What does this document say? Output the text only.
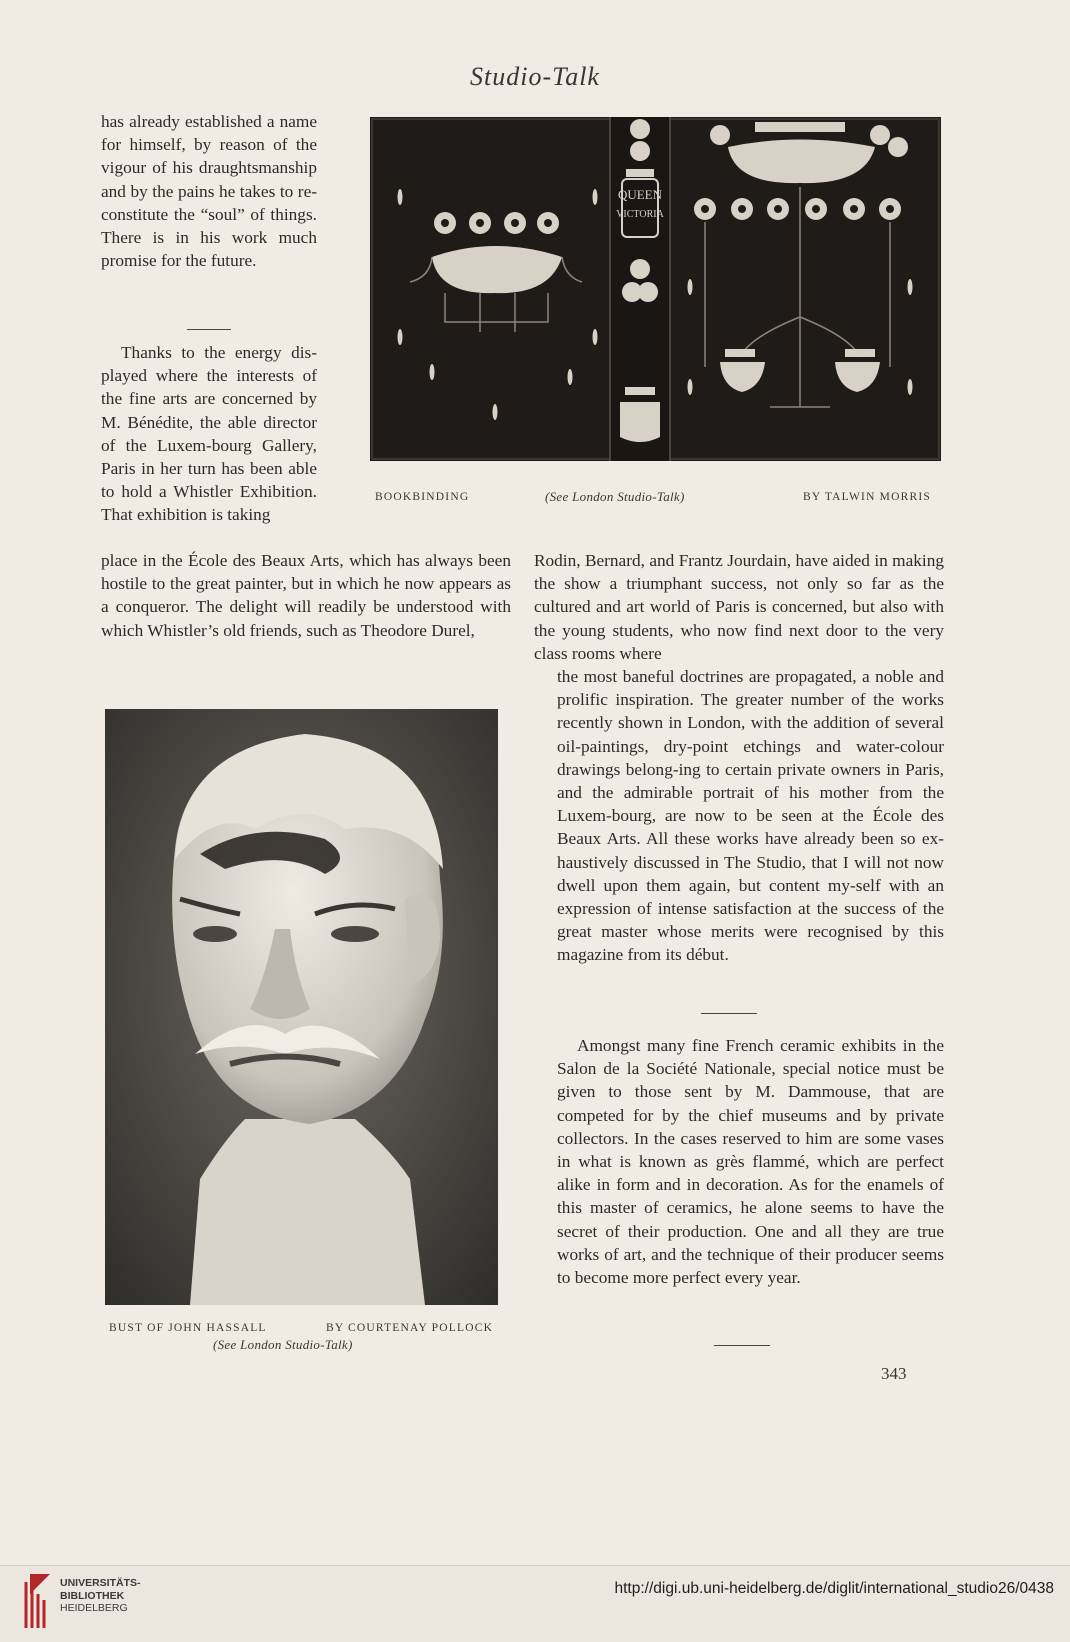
Studio-Talk

has already established a name for himself, by reason of the vigour of his draughtsmanship and by the pains he takes to re-constitute the “soul” of things. There is in his work much promise for the future.

Thanks to the energy dis-played where the interests of the fine arts are concerned by M. Bénédite, the able director of the Luxem-bourg Gallery, Paris in her turn has been able to hold a Whistler Exhibition. That exhibition is taking

QUEEN
VICTORIA
BOOKBINDING	(See London Studio-Talk)	BY TALWIN MORRIS

place in the École des Beaux Arts, which has always been hostile to the great painter, but in which he now appears as a conqueror. The delight will readily be understood with which Whistler’s old friends, such as Theodore Durel,

Rodin, Bernard, and Frantz Jourdain, have aided in making the show a triumphant success, not only so far as the cultured and art world of Paris is concerned, but also with the young students, who now find next door to the very class rooms where

the most baneful doctrines are propagated, a noble and prolific inspiration. The greater number of the works recently shown in London, with the addition of several oil-paintings, dry-point etchings and water-colour drawings belong-ing to certain private owners in Paris, and the admirable portrait of his mother from the Luxem-bourg, are now to be seen at the École des Beaux Arts. All these works have already been so ex-haustively discussed in The Studio, that I will not now dwell upon them again, but content my-self with an expression of intense satisfaction at the success of the great master whose merits were recognised by this magazine from its début.

Amongst many fine French ceramic exhibits in the Salon de la Société Nationale, special notice must be given to those sent by M. Dammouse, that are competed for by the chief museums and by private collectors. In the cases reserved to him are some vases in what is known as grès flammé, which are perfect alike in form and in decoration. As for the enamels of this master of ceramics, he alone seems to have the secret of their production. One and all they are true works of art, and the technique of their producer seems to become more perfect every year.

BUST OF JOHN HASSALL	BY COURTENAY POLLOCK
(See London Studio-Talk)
343
UNIVERSITÄTS-
BIBLIOTHEK
HEIDELBERG
http://digi.ub.uni-heidelberg.de/diglit/international_studio26/0438
